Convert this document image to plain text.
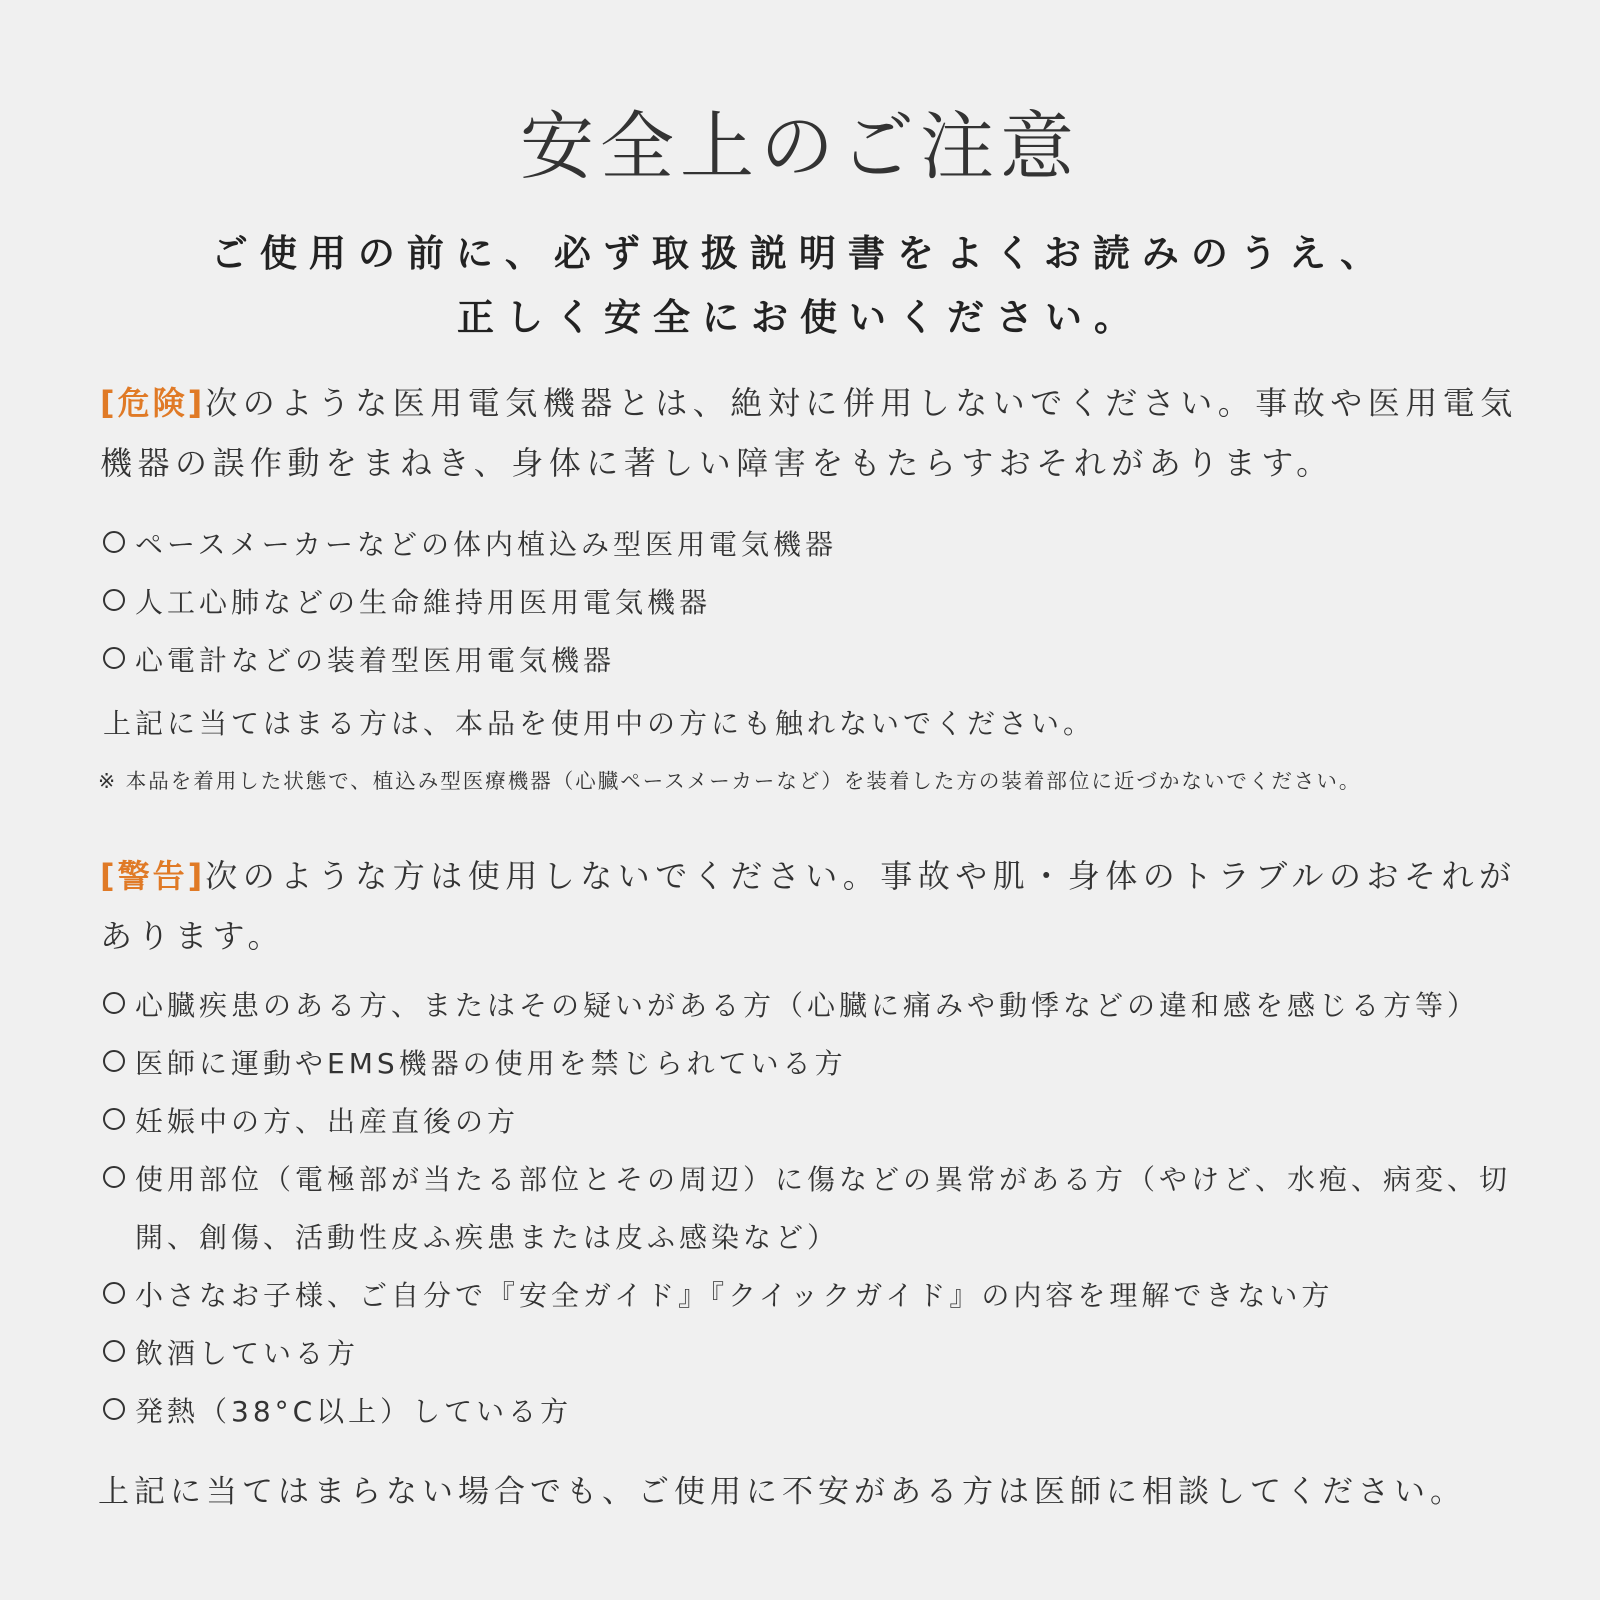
安全上のご注意
ご使用の前に、必ず取扱説明書をよくお読みのうえ、
正しく安全にお使いください。
[危険]次のような医用電気機器とは、絶対に併用しないでください。事故や医用電気機器の誤作動をまねき、身体に著しい障害をもたらすおそれがあります。
ペースメーカーなどの体内植込み型医用電気機器
人工心肺などの生命維持用医用電気機器
心電計などの装着型医用電気機器
上記に当てはまる方は、本品を使用中の方にも触れないでください。
※ 本品を着用した状態で、植込み型医療機器（心臓ペースメーカーなど）を装着した方の装着部位に近づかないでください。
[警告]次のような方は使用しないでください。事故や肌・身体のトラブルのおそれがあります。
心臓疾患のある方、またはその疑いがある方（心臓に痛みや動悸などの違和感を感じる方等）
医師に運動やEMS機器の使用を禁じられている方
妊娠中の方、出産直後の方
使用部位（電極部が当たる部位とその周辺）に傷などの異常がある方（やけど、水疱、病変、切開、創傷、活動性皮ふ疾患または皮ふ感染など）
小さなお子様、ご自分で『安全ガイド』『クイックガイド』の内容を理解できない方
飲酒している方
発熱（38°C以上）している方
上記に当てはまらない場合でも、ご使用に不安がある方は医師に相談してください。
